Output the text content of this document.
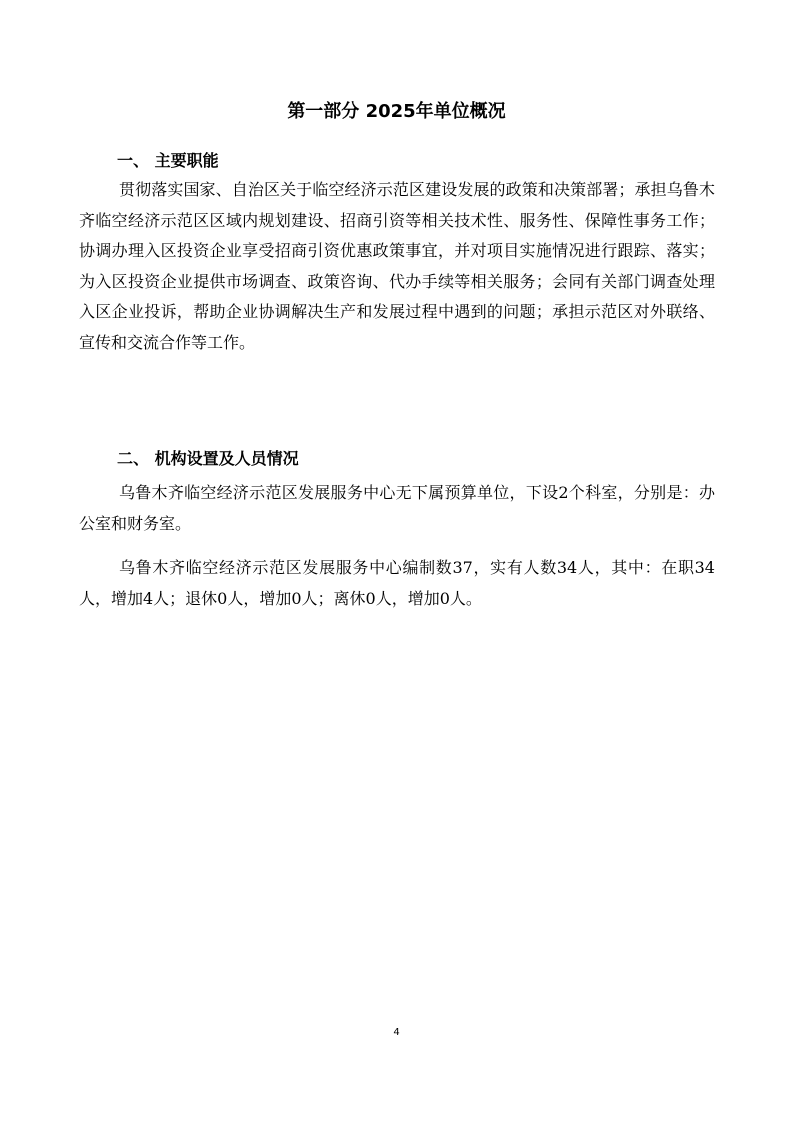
第一部分 2025年单位概况
一、 主要职能

贯彻落实国家、自治区关于临空经济示范区建设发展的政策和决策部署；承担乌鲁木齐临空经济示范区区域内规划建设、招商引资等相关技术性、服务性、保障性事务工作；协调办理入区投资企业享受招商引资优惠政策事宜，并对项目实施情况进行跟踪、落实；为入区投资企业提供市场调查、政策咨询、代办手续等相关服务；会同有关部门调查处理入区企业投诉，帮助企业协调解决生产和发展过程中遇到的问题；承担示范区对外联络、宣传和交流合作等工作。

二、 机构设置及人员情况

乌鲁木齐临空经济示范区发展服务中心无下属预算单位，下设2个科室，分别是：办公室和财务室。

乌鲁木齐临空经济示范区发展服务中心编制数37，实有人数34人，其中：在职34人，增加4人；退休0人，增加0人；离休0人，增加0人。

4
